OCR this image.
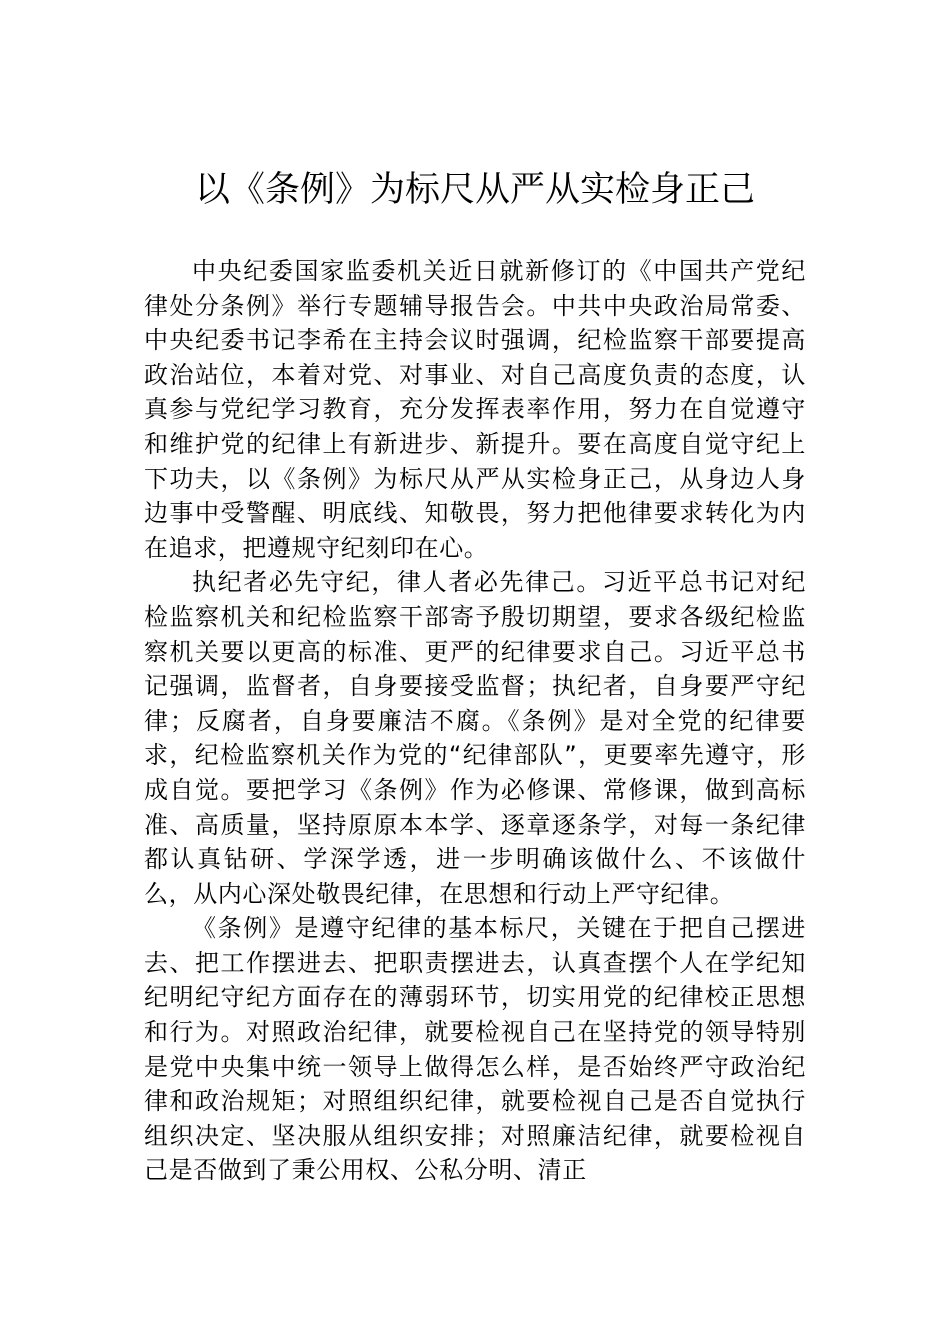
以《条例》为标尺从严从实检身正己

中央纪委国家监委机关近日就新修订的《中国共产党纪律处分条例》举行专题辅导报告会。中共中央政治局常委、中央纪委书记李希在主持会议时强调，纪检监察干部要提高政治站位，本着对党、对事业、对自己高度负责的态度，认真参与党纪学习教育，充分发挥表率作用，努力在自觉遵守和维护党的纪律上有新进步、新提升。要在高度自觉守纪上下功夫，以《条例》为标尺从严从实检身正己，从身边人身边事中受警醒、明底线、知敬畏，努力把他律要求转化为内在追求，把遵规守纪刻印在心。

执纪者必先守纪，律人者必先律己。习近平总书记对纪检监察机关和纪检监察干部寄予殷切期望，要求各级纪检监察机关要以更高的标准、更严的纪律要求自己。习近平总书记强调，监督者，自身要接受监督；执纪者，自身要严守纪律；反腐者，自身要廉洁不腐。《条例》是对全党的纪律要求，纪检监察机关作为党的“纪律部队”，更要率先遵守，形成自觉。要把学习《条例》作为必修课、常修课，做到高标准、高质量，坚持原原本本学、逐章逐条学，对每一条纪律都认真钻研、学深学透，进一步明确该做什么、不该做什么，从内心深处敬畏纪律，在思想和行动上严守纪律。

《条例》是遵守纪律的基本标尺，关键在于把自己摆进去、把工作摆进去、把职责摆进去，认真查摆个人在学纪知纪明纪守纪方面存在的薄弱环节，切实用党的纪律校正思想和行为。对照政治纪律，就要检视自己在坚持党的领导特别是党中央集中统一领导上做得怎么样，是否始终严守政治纪律和政治规矩；对照组织纪律，就要检视自己是否自觉执行组织决定、坚决服从组织安排；对照廉洁纪律，就要检视自己是否做到了秉公用权、公私分明、清正
